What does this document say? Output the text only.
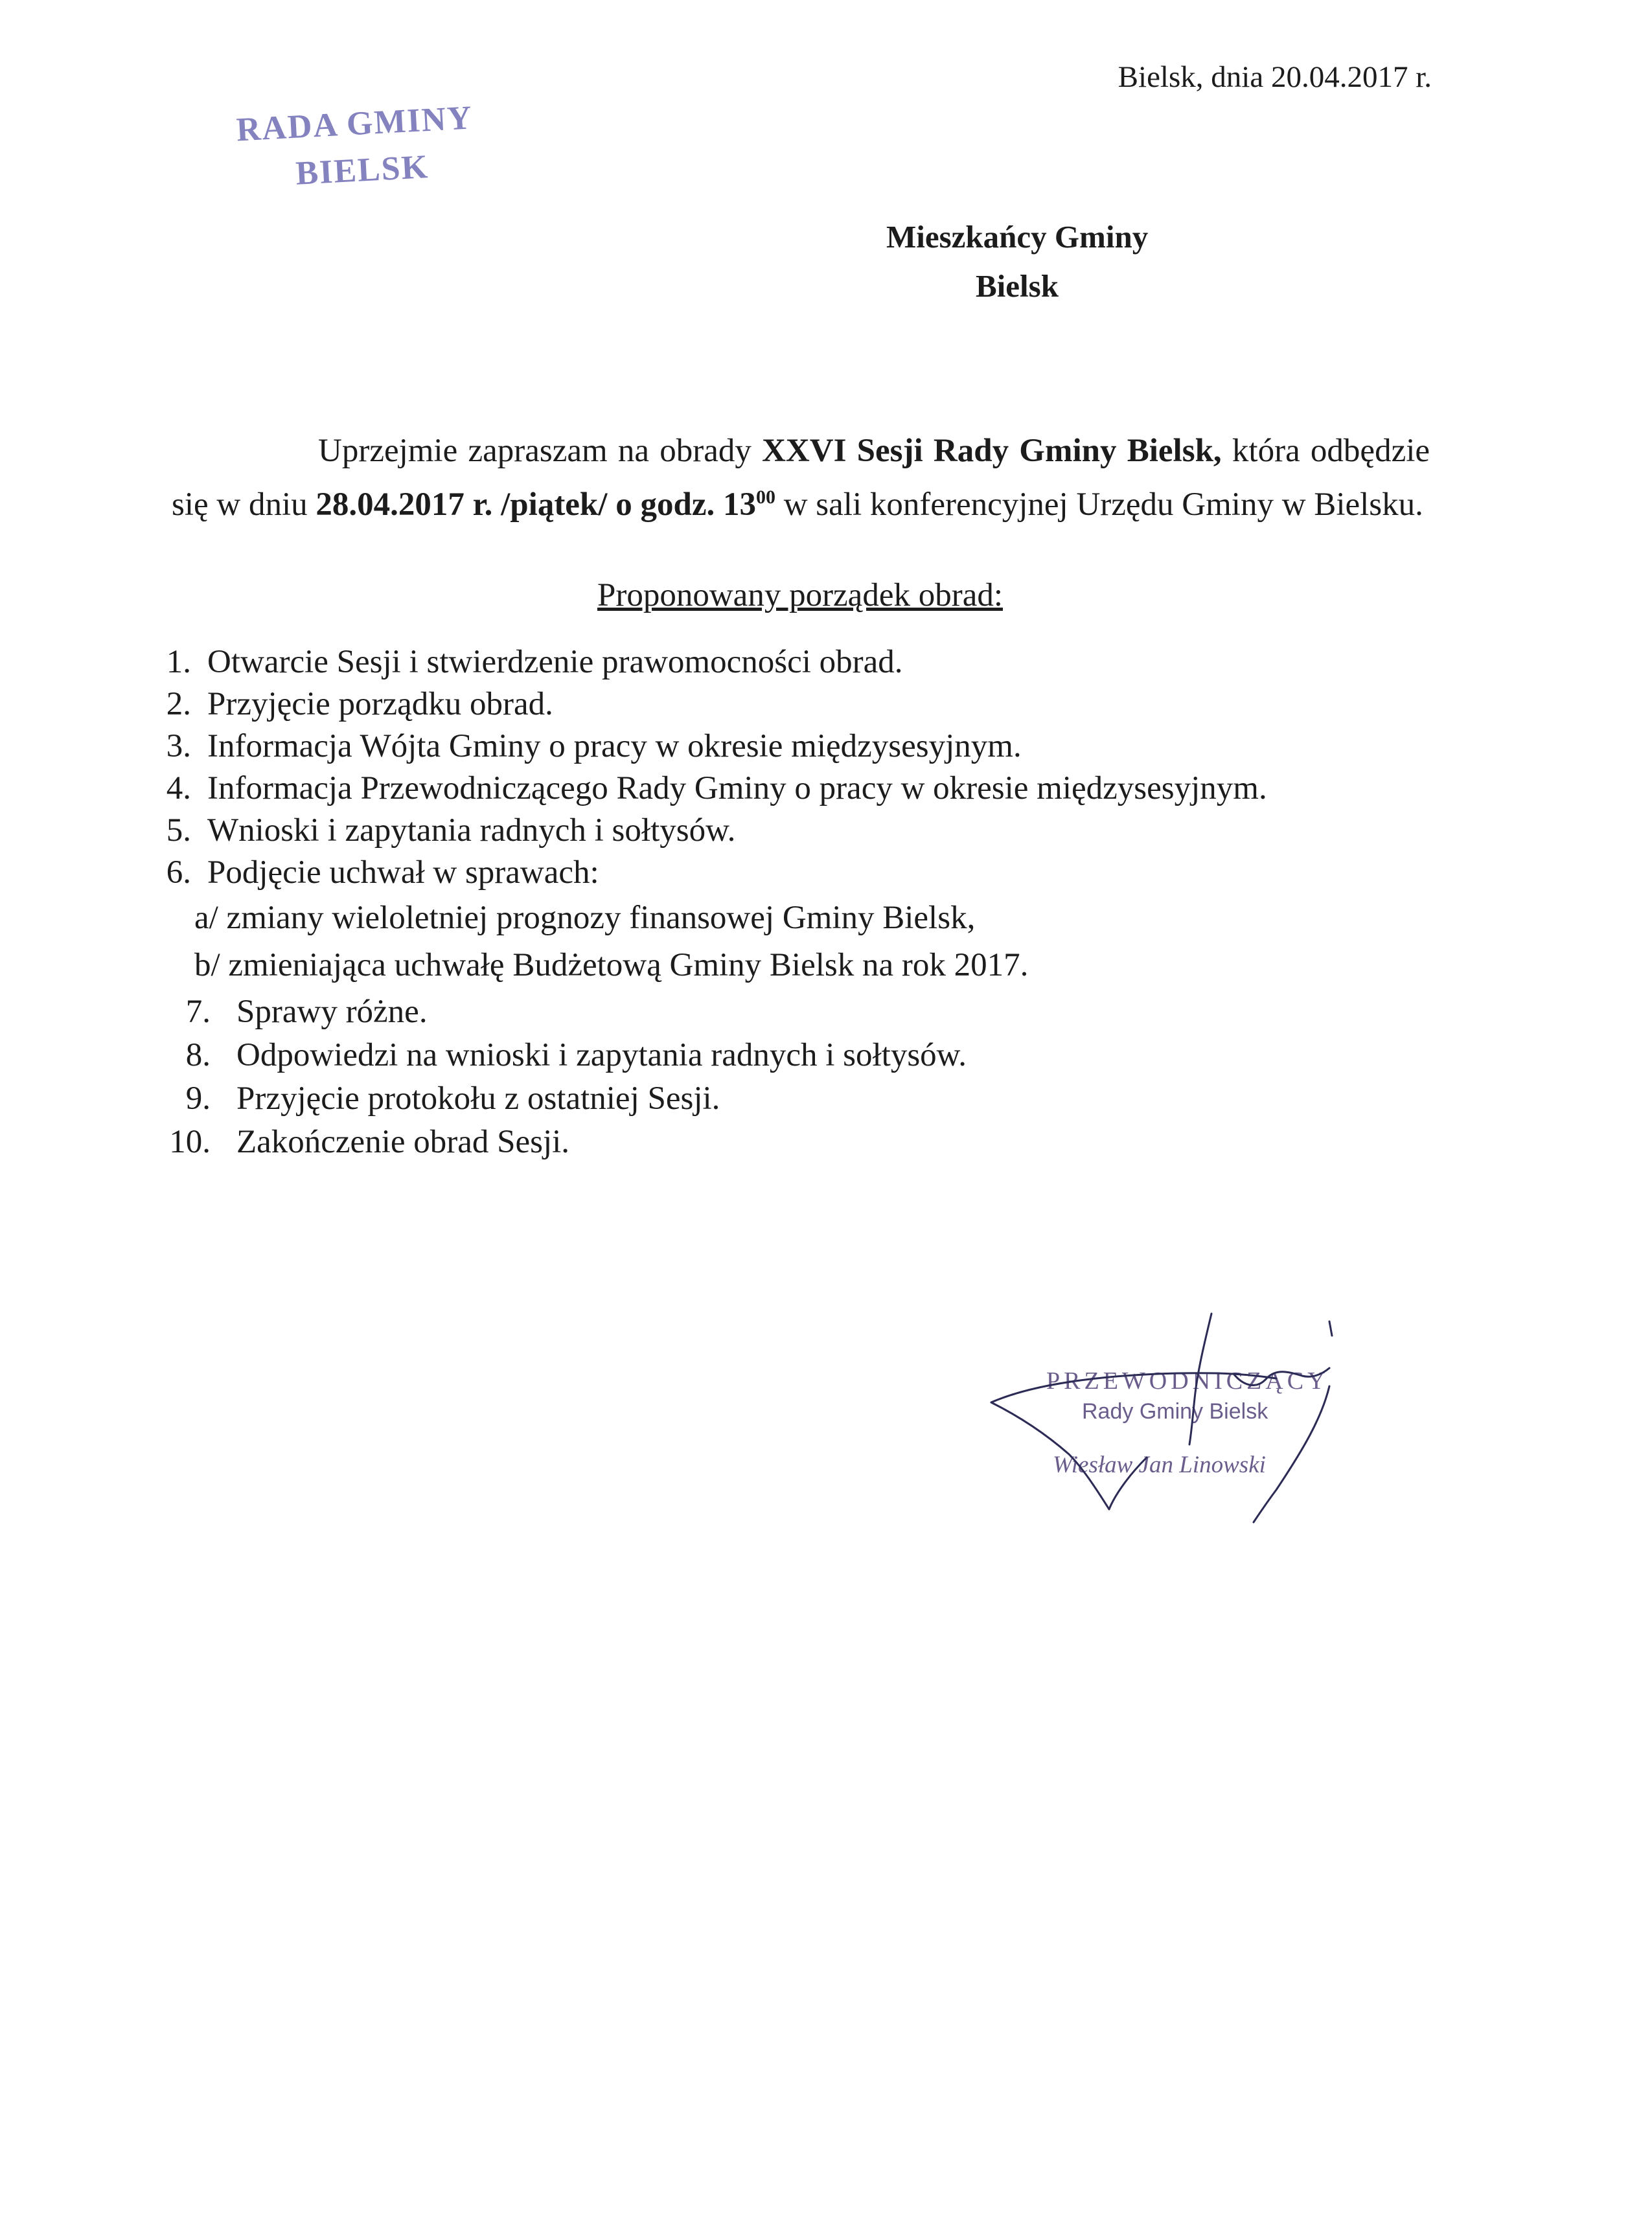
RADA GMINY
BIELSK
Bielsk, dnia 20.04.2017 r.
Mieszkańcy Gminy
Bielsk
Uprzejmie zapraszam na obrady XXVI Sesji Rady Gminy Bielsk, która odbędzie się w dniu 28.04.2017 r. /piątek/ o godz. $13^{00}$ w sali konferencyjnej Urzędu Gminy w Bielsku.
Proponowany porządek obrad:
1. Otwarcie Sesji i stwierdzenie prawomocności obrad.
2. Przyjęcie porządku obrad.
3. Informacja Wójta Gminy o pracy w okresie międzysesyjnym.
4. Informacja Przewodniczącego Rady Gminy o pracy w okresie międzysesyjnym.
5. Wnioski i zapytania radnych i sołtysów.
6. Podjęcie uchwał w sprawach:
a/ zmiany wieloletniej prognozy finansowej Gminy Bielsk,
b/ zmieniająca uchwałę Budżetową Gminy Bielsk na rok 2017.
7. Sprawy różne.
8. Odpowiedzi na wnioski i zapytania radnych i sołtysów.
9. Przyjęcie protokołu z ostatniej Sesji.
10. Zakończenie obrad Sesji.
PRZEWODNICZĄCY
Rady Gminy Bielsk
Wiesław Jan Linowski
